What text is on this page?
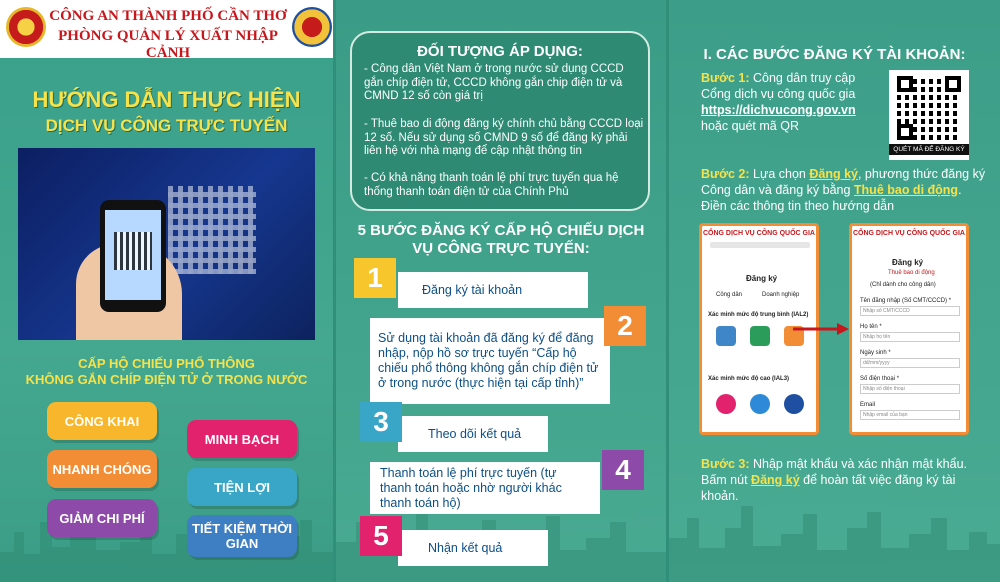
CÔNG AN THÀNH PHỐ CẦN THƠ
PHÒNG QUẢN LÝ XUẤT NHẬP CẢNH
HƯỚNG DẪN THỰC HIỆN
DỊCH VỤ CÔNG TRỰC TUYẾN
CẤP HỘ CHIẾU PHỔ THÔNG
KHÔNG GẮN CHÍP ĐIỆN TỬ Ở TRONG NƯỚC
CÔNG KHAI
MINH BẠCH
NHANH CHÓNG
TIỆN LỢI
GIẢM CHI PHÍ
TIẾT KIỆM THỜI GIAN
ĐỐI TƯỢNG ÁP DỤNG:
- Công dân Việt Nam ở trong nước sử dụng CCCD gắn chíp điện tử, CCCD không gắn chip điện tử và CMND 12 số còn giá trị
- Thuê bao di động đăng ký chính chủ bằng CCCD loại 12 số. Nếu sử dụng số CMND 9 số để đăng ký phải liên hệ với nhà mạng để cập nhật thông tin
- Có khả năng thanh toán lệ phí trực tuyến qua hệ thống thanh toán điện tử của Chính Phủ
5 BƯỚC ĐĂNG KÝ CẤP HỘ CHIẾU DỊCH
VỤ CÔNG TRỰC TUYẾN:
Đăng ký tài khoản
1
Sử dụng tài khoản đã đăng ký để đăng nhập, nộp hồ sơ trực tuyến “Cấp hộ chiếu phổ thông không gắn chíp điện tử ở trong nước (thực hiện tại cấp tỉnh)”
2
Theo dõi kết quả
3
Thanh toán lệ phí trực tuyến (tự thanh toán hoặc nhờ người khác thanh toán hộ)
4
Nhận kết quả
5
I. CÁC BƯỚC ĐĂNG KÝ TÀI KHOẢN:
Bước 1: Công dân truy cập Cổng dịch vụ công quốc gia https://dichvucong.gov.vn hoặc quét mã QR
QUÉT MÃ ĐỂ ĐĂNG KÝ
Bước 2: Lựa chọn Đăng ký, phương thức đăng ký Công dân và đăng ký bằng Thuê bao di động. Điền các thông tin theo hướng dẫn
CỔNG DỊCH VỤ CÔNG QUỐC GIA
Đăng ký
Công dân	Doanh nghiệp
Xác minh mức độ trung bình (IAL2)
Xác minh mức độ cao (IAL3)
CỔNG DỊCH VỤ CÔNG QUỐC GIA
Đăng ký
Thuê bao di động
(Chỉ dành cho công dân)
Tên đăng nhập (Số CMT/CCCD) *
Nhập số CMT/CCCD
Họ tên *
Nhập họ tên
Ngày sinh *
dd/mm/yyyy
Số điện thoại *
Nhập số điện thoại
Email
Nhập email của bạn
Bước 3: Nhập mật khẩu và xác nhận mật khẩu. Bấm nút Đăng ký để hoàn tất việc đăng ký tài khoản.
